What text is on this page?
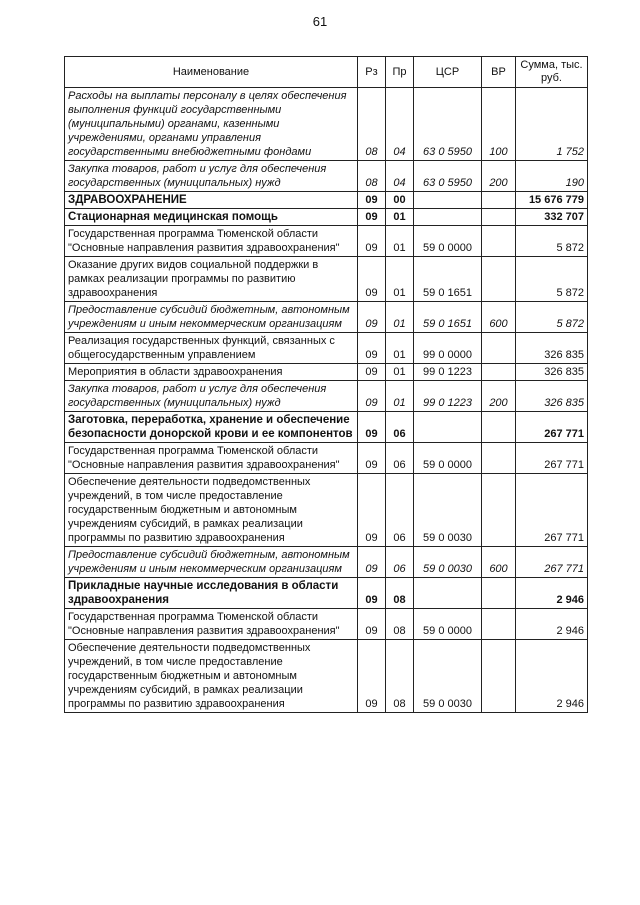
61
Наименование	Рз	Пр	ЦСР	ВР	Сумма, тыс. руб.
Расходы на выплаты персоналу в целях обеспечения выполнения функций государственными (муниципальными) органами, казенными учреждениями, органами управления государственными внебюджетными фондами	08	04	63 0 5950	100	1 752
Закупка товаров, работ и услуг для обеспечения государственных (муниципальных) нужд	08	04	63 0 5950	200	190
ЗДРАВООХРАНЕНИЕ	09	00			15 676 779
Стационарная медицинская помощь	09	01			332 707
Государственная программа Тюменской области "Основные направления развития здравоохранения"	09	01	59 0 0000		5 872
Оказание других видов социальной поддержки в рамках реализации программы по развитию здравоохранения	09	01	59 0 1651		5 872
Предоставление субсидий бюджетным, автономным учреждениям и иным некоммерческим организациям	09	01	59 0 1651	600	5 872
Реализация государственных функций, связанных с общегосударственным управлением	09	01	99 0 0000		326 835
Мероприятия в области здравоохранения	09	01	99 0 1223		326 835
Закупка товаров, работ и услуг для обеспечения государственных (муниципальных) нужд	09	01	99 0 1223	200	326 835
Заготовка, переработка, хранение и обеспечение безопасности донорской крови и ее компонентов	09	06			267 771
Государственная программа Тюменской области "Основные направления развития здравоохранения"	09	06	59 0 0000		267 771
Обеспечение деятельности подведомственных учреждений, в том числе предоставление государственным бюджетным и автономным учреждениям субсидий, в рамках реализации программы по развитию здравоохранения	09	06	59 0 0030		267 771
Предоставление субсидий бюджетным, автономным учреждениям и иным некоммерческим организациям	09	06	59 0 0030	600	267 771
Прикладные научные исследования в области здравоохранения	09	08			2 946
Государственная программа Тюменской области "Основные направления развития здравоохранения"	09	08	59 0 0000		2 946
Обеспечение деятельности подведомственных учреждений, в том числе предоставление государственным бюджетным и автономным учреждениям субсидий, в рамках реализации программы по развитию здравоохранения	09	08	59 0 0030		2 946
